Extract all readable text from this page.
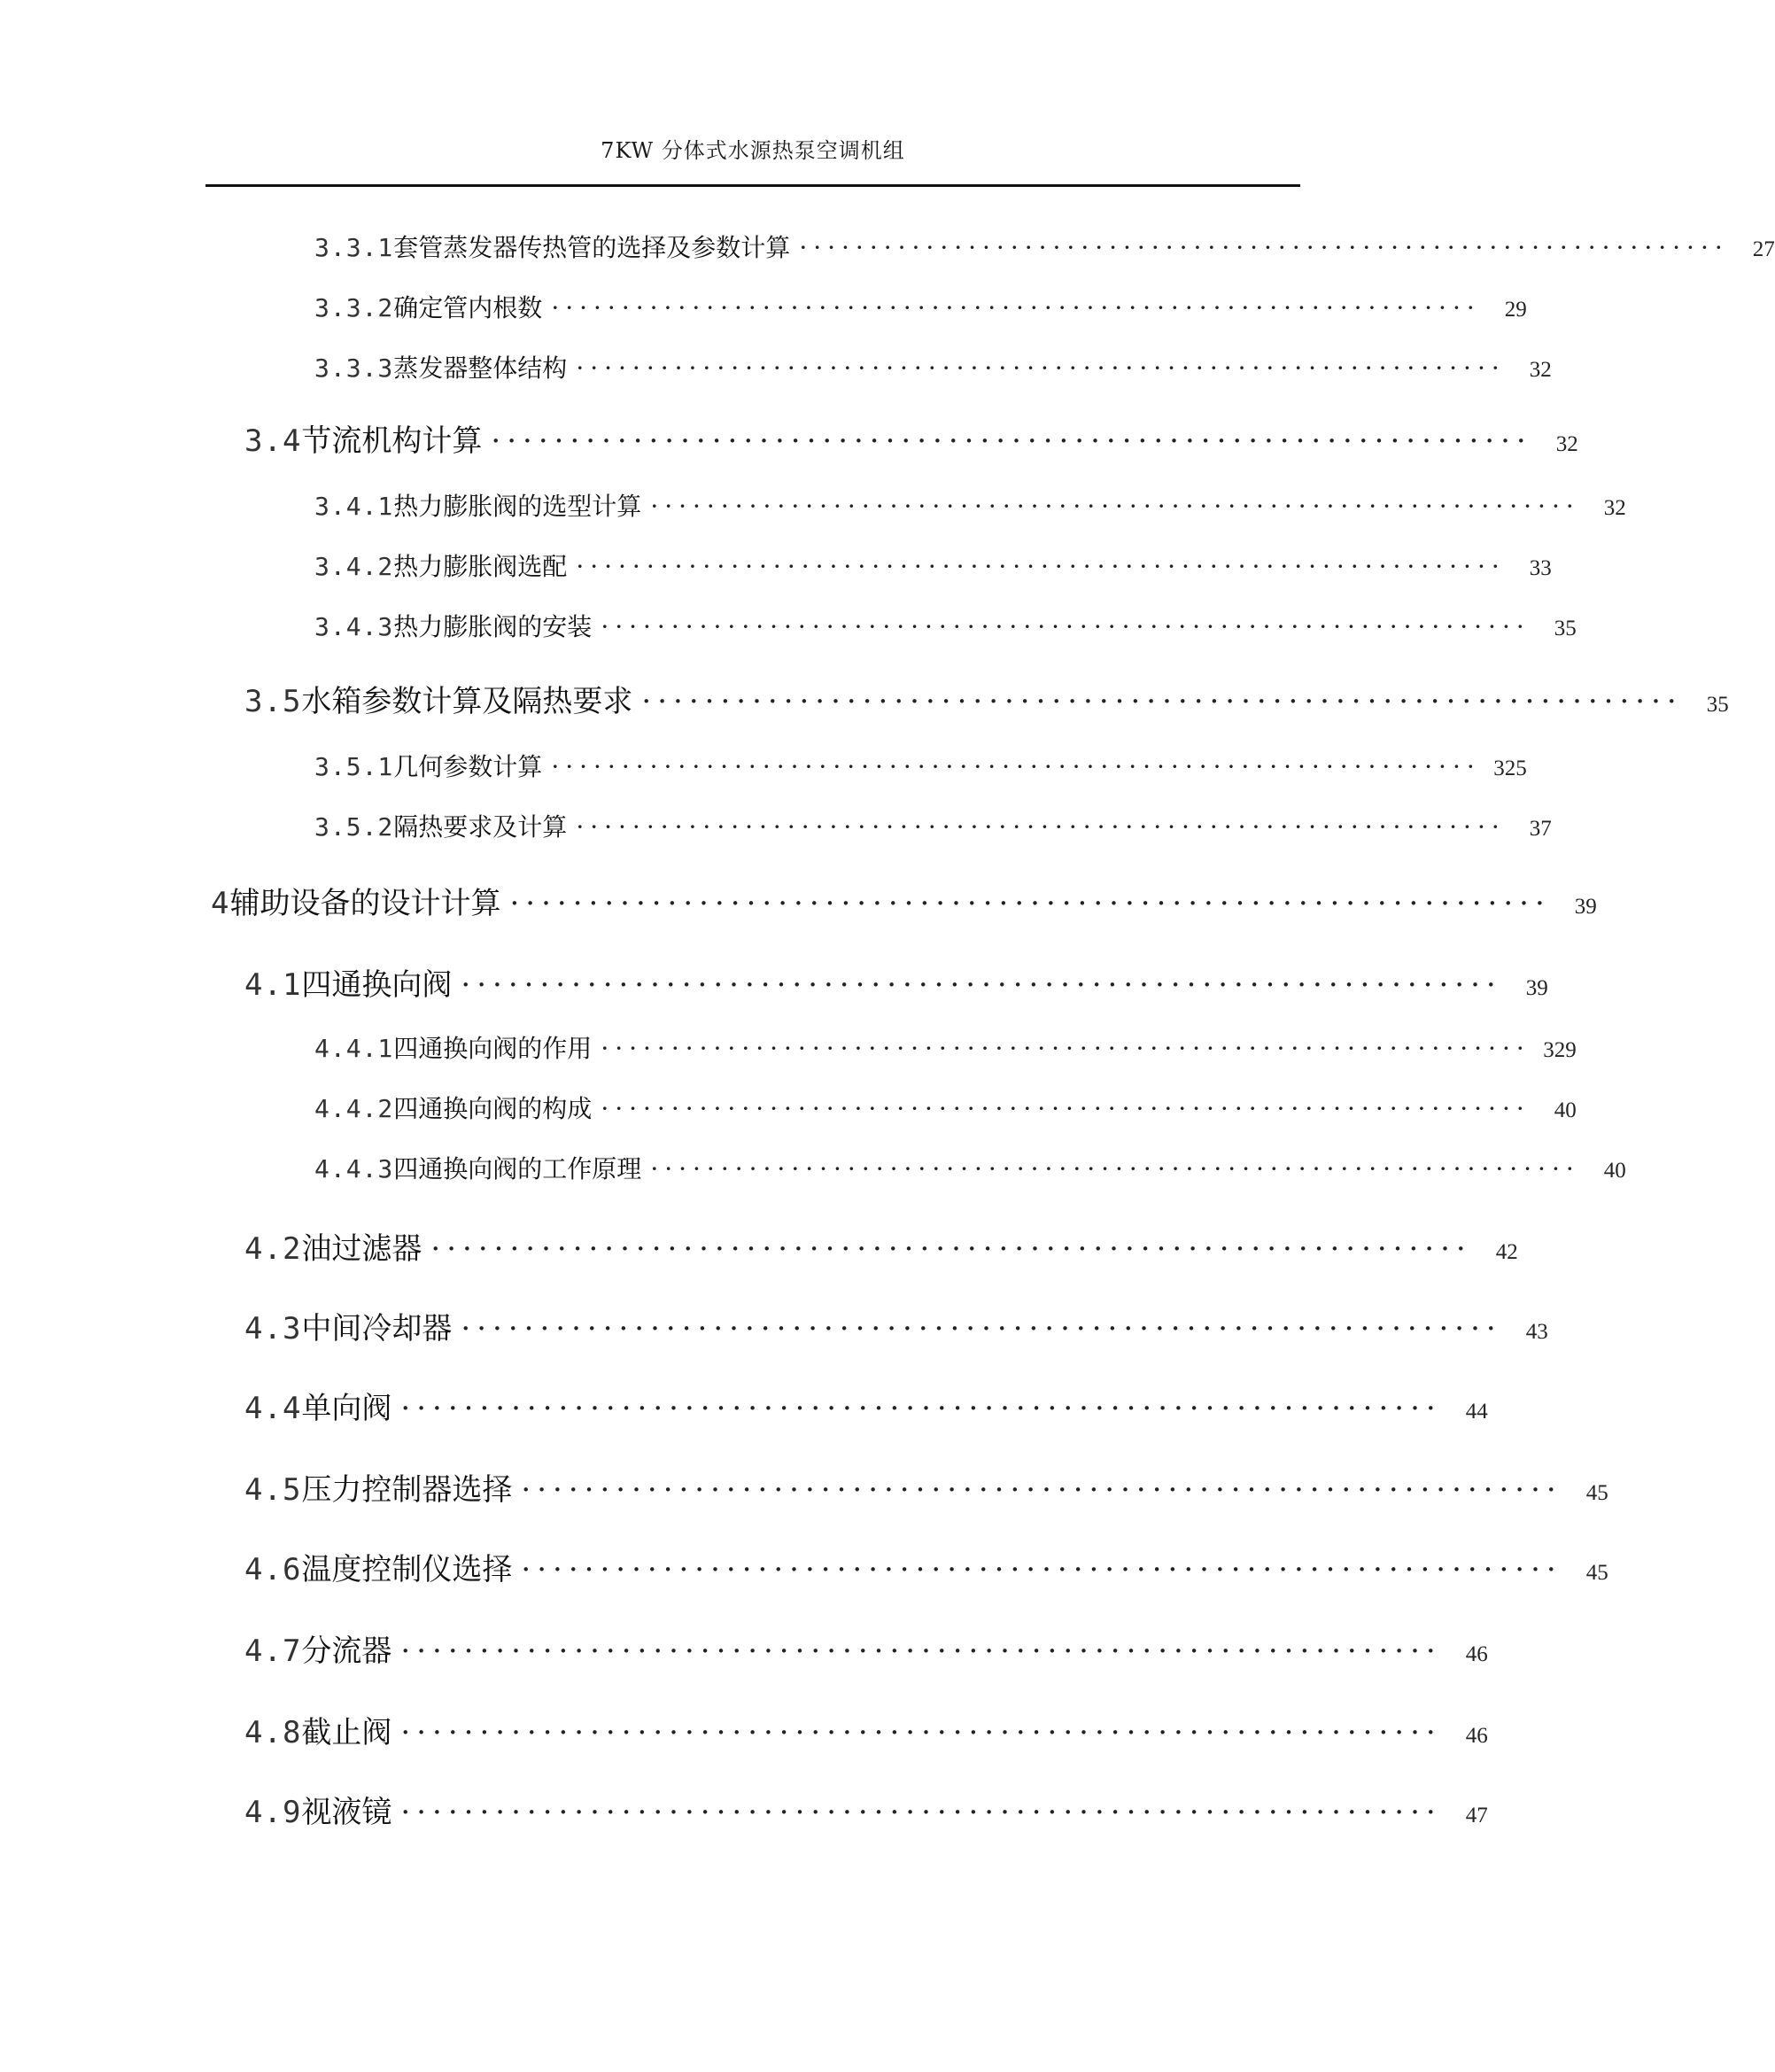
7KW 分体式水源热泵空调机组
3.3.1 套管蒸发器传热管的选择及参数计算 ··································································	27
3.3.2 确定管内根数 ··································································	29
3.3.3 蒸发器整体结构 ··································································	32
3.4 节流机构计算 ··································································	32
3.4.1 热力膨胀阀的选型计算 ··································································	32
3.4.2 热力膨胀阀选配 ··································································	33
3.4.3 热力膨胀阀的安装 ··································································	35
3.5 水箱参数计算及隔热要求 ··································································	35
3.5.1 几何参数计算 ·································································· 325
3.5.2 隔热要求及计算 ··································································	37
4 辅助设备的设计计算 ··································································	39
4.1 四通换向阀 ··································································	39
4.4.1 四通换向阀的作用 ·································································· 329
4.4.2 四通换向阀的构成 ··································································	40
4.4.3 四通换向阀的工作原理 ··································································	40
4.2 油过滤器 ··································································	42
4.3 中间冷却器 ··································································	43
4.4 单向阀 ··································································	44
4.5 压力控制器选择 ··································································	45
4.6 温度控制仪选择 ··································································	45
4.7 分流器 ··································································	46
4.8 截止阀 ··································································	46
4.9 视液镜 ··································································	47
